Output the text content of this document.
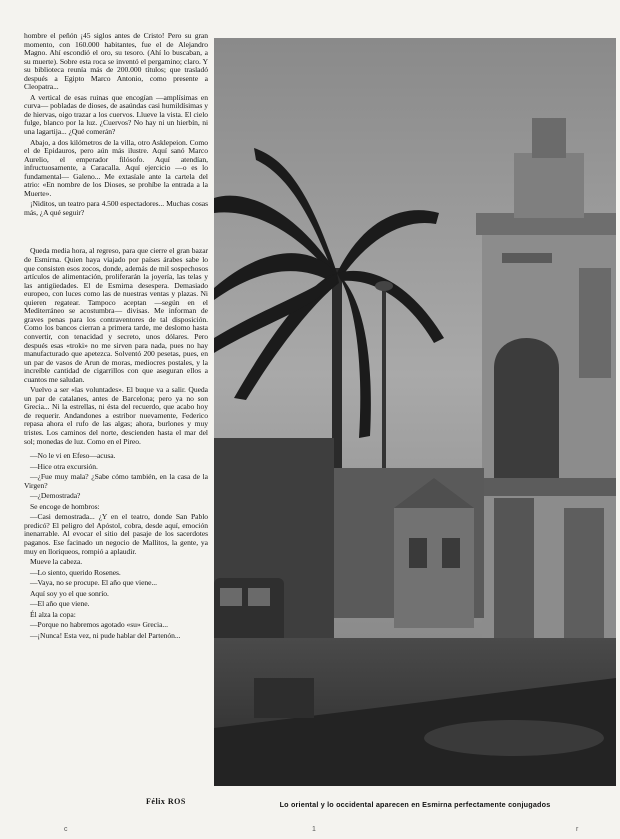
hombre el peñón ¡45 siglos antes de Cristo! Pero su gran momento, con 160.000 habitantes, fue el de Alejandro Magno. Ahí escondió el oro, su tesoro. (Ahí lo buscaban, a su muerte). Sobre esta roca se inventó el pergamino; claro. Y su biblioteca reunía más de 200.000 títulos; que trasladó después a Egipto Marco Antonio, como presente a Cleopatra...

A vertical de esas ruinas que encogían —amplísimas en curva— pobladas de dioses, de asaúndas casi humildísimas y de hiervas, oigo trazar a los cuervos. Llueve la vista. El cielo fulge, blanco por la luz. ¿Cuervos? No hay ni un hierbín, ni una lagartija... ¿Qué comerán?

Abajo, a dos kilómetros de la villa, otro Asklepeion. Como el de Epidauros, pero aún más ilustre. Aquí sanó Marco Aurelio, el emperador filósofo. Aquí atendían, infructuosamente, a Caracalla. Aquí ejercicio —o es lo fundamental— Galeno... Me extasíale ante la cartela del atrio: «En nombre de los Dioses, se prohíbe la entrada a la Muerte».

¡Niditos, un teatro para 4.500 espectadores... Muchas cosas más, ¿A qué seguir?

Queda media hora, al regreso, para que cierre el gran bazar de Esmirna. Quien haya viajado por países árabes sabe lo que consisten esos zocos, donde, además de mil sospechosos artículos de alimentación, proliferarán la joyería, las telas y las antigüedades. El de Esmirna desespera. Demasiado europeo, con luces como las de nuestras ventas y plazas. Ni quieren regatear. Tampoco aceptan —según en el Mediterráneo se acostumbra— divisas. Me informan de graves penas para los contraventores de tal disposición. Como los bancos cierran a primera tarde, me deslomo hasta convertir, con tenacidad y secreto, unos dólares. Pero después esas «troki» no me sirven para nada, pues no hay manufacturado que apetezca. Solventó 200 pesetas, pues, en un par de vasos de Arun de moras, mediocres postales, y la increíble cantidad de cigarrillos con que aseguran ellos a cuantos me saludan.

Vuelvo a ser «las voluntades». El buque va a salir. Queda un par de catalanes, antes de Barcelona; pero ya no son Grecia... Ni la estrellas, ni ésta del recuerdo, que acabo hoy de requerir. Andandones a estribor nuevamente, Federico repasa ahora el rufo de las algas; ahora, burlones y muy tristes. Los caminos del norte, descienden hasta el mar del sol; monedas de luz. Como en el Pireo.

—No le vi en Efeso—acusa.

—Hice otra excursión.

—¿Fue muy mala? ¿Sabe cómo también, en la casa de la Virgen?

—¿Demostrada?

Se encoge de hombros:

—Casi demostrada... ¿Y en el teatro, donde San Pablo predicó? El peligro del Apóstol, cobra, desde aquí, emoción inenarrable. Al evocar el sitio del pasaje de los sacerdotes paganos. Ese facinado un negocio de Mallitos, la gente, ya muy en lloriqueos, rompió a aplaudir.

Mueve la cabeza.

—Lo siento, querido Rosenes.

—Vaya, no se procupe. El año que viene...

Aquí soy yo el que sonrío.

—El año que viene.

Él alza la copa:

—Porque no habremos agotado «su» Grecia...

—¡Nunca! Esta vez, ni pude hablar del Partenón...

Félix ROS	Lo oriental y lo occidental aparecen en Esmirna perfectamente conjugados
c	1	r
